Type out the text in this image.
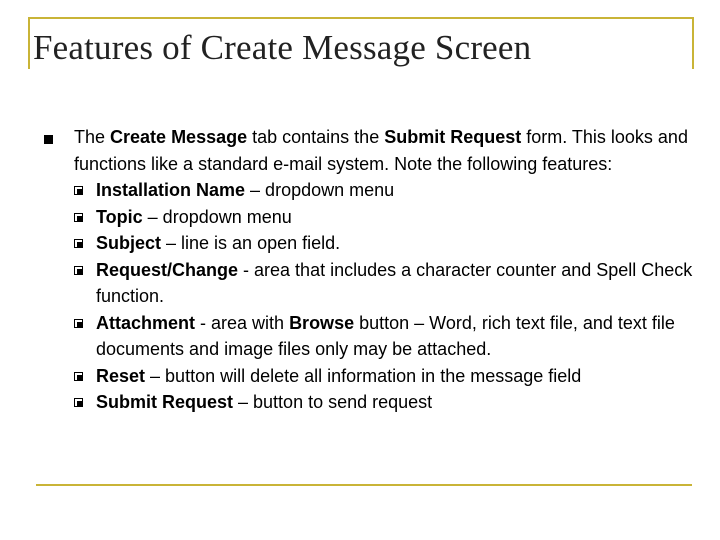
Features of Create Message Screen

The Create Message tab contains the Submit Request form. This looks and functions like a standard e-mail system. Note the following features:

Installation Name – dropdown menu
Topic – dropdown menu
Subject – line is an open field.
Request/Change - area that includes a character counter and Spell Check function.
Attachment - area with Browse button – Word, rich text file, and text file documents and image files only may be attached.
Reset – button will delete all information in the message field
Submit Request – button to send request
